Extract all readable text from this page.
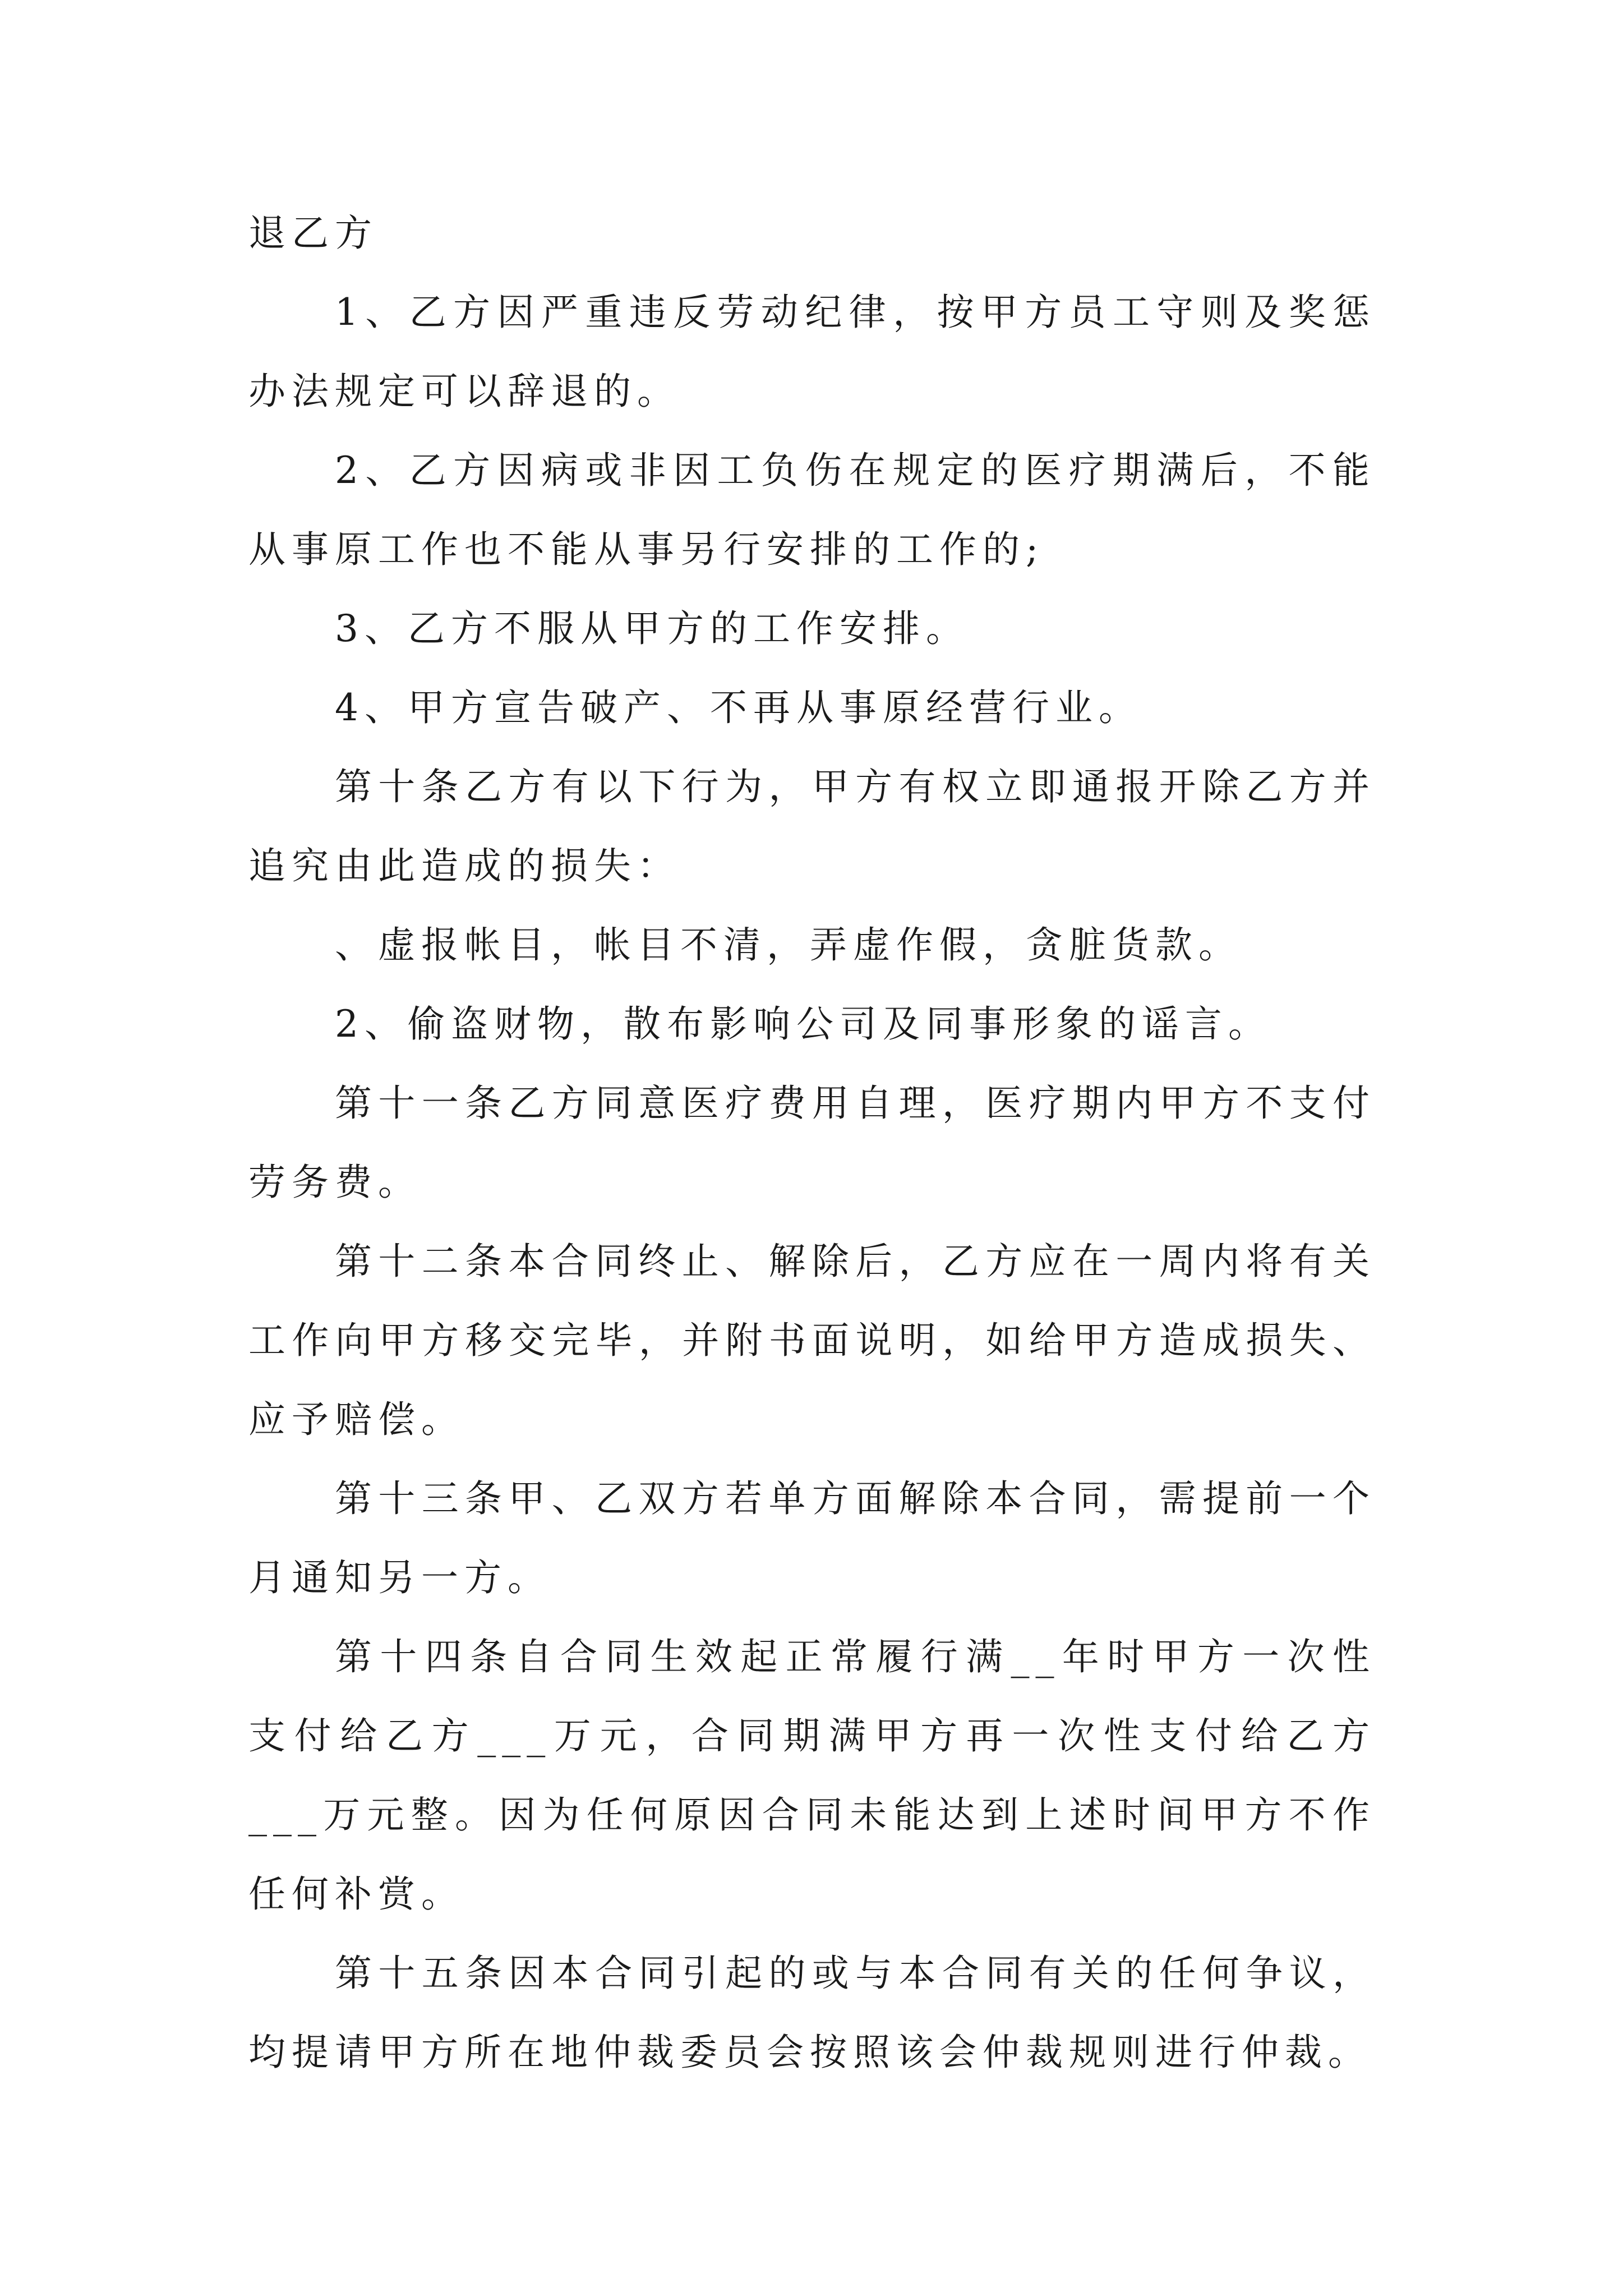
退乙方

1、乙方因严重违反劳动纪律，按甲方员工守则及奖惩办法规定可以辞退的。

2、乙方因病或非因工负伤在规定的医疗期满后，不能从事原工作也不能从事另行安排的工作的;

3、乙方不服从甲方的工作安排。

4、甲方宣告破产、不再从事原经营行业。

第十条乙方有以下行为，甲方有权立即通报开除乙方并追究由此造成的损失：

、虚报帐目，帐目不清，弄虚作假，贪脏货款。

2、偷盗财物，散布影响公司及同事形象的谣言。

第十一条乙方同意医疗费用自理，医疗期内甲方不支付劳务费。

第十二条本合同终止、解除后，乙方应在一周内将有关工作向甲方移交完毕，并附书面说明，如给甲方造成损失、应予赔偿。

第十三条甲、乙双方若单方面解除本合同，需提前一个月通知另一方。

第十四条自合同生效起正常履行满__年时甲方一次性支付给乙方___万元，合同期满甲方再一次性支付给乙方___万元整。因为任何原因合同未能达到上述时间甲方不作任何补赏。

第十五条因本合同引起的或与本合同有关的任何争议，均提请甲方所在地仲裁委员会按照该会仲裁规则进行仲裁。
